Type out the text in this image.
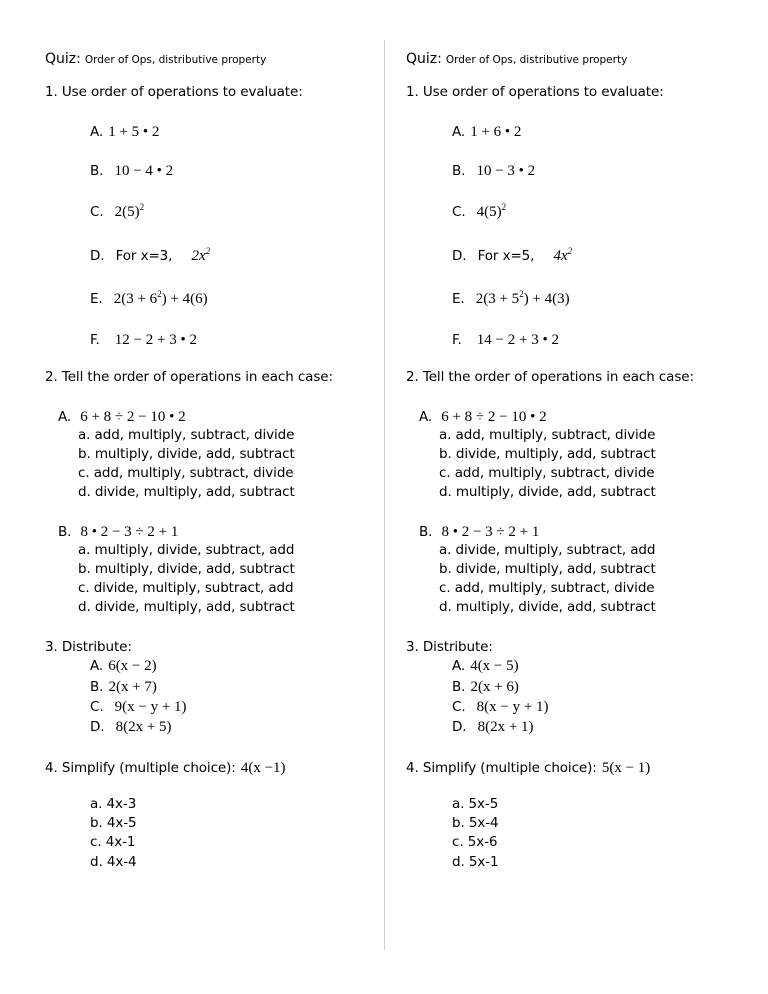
Quiz: Order of Ops, distributive property
1. Use order of operations to evaluate:
A. 1 + 5 • 2
B. 10 − 4 • 2
C. $2(5)^2$
D. For x=3, $2x^2$
E. $2(3 + 6^2) + 4(6)$
F. 12 − 2 + 3 • 2
2. Tell the order of operations in each case:
A. 6 + 8 ÷ 2 − 10 • 2
a. add, multiply, subtract, divide
b. multiply, divide, add, subtract
c. add, multiply, subtract, divide
d. divide, multiply, add, subtract
B. 8 • 2 − 3 ÷ 2 + 1
a. multiply, divide, subtract, add
b. multiply, divide, add, subtract
c. divide, multiply, subtract, add
d. divide, multiply, add, subtract
3. Distribute:
A. 6(x − 2)
B. 2(x + 7)
C. 9(x − y + 1)
D. 8(2x + 5)
4. Simplify (multiple choice): 4(x −1)
a. 4x-3
b. 4x-5
c. 4x-1
d. 4x-4
Quiz: Order of Ops, distributive property
1. Use order of operations to evaluate:
A. 1 + 6 • 2
B. 10 − 3 • 2
C. $4(5)^2$
D. For x=5, $4x^2$
E. $2(3 + 5^2) + 4(3)$
F. 14 − 2 + 3 • 2
2. Tell the order of operations in each case:
A. 6 + 8 ÷ 2 − 10 • 2
a. add, multiply, subtract, divide
b. divide, multiply, add, subtract
c. add, multiply, subtract, divide
d. multiply, divide, add, subtract
B. 8 • 2 − 3 ÷ 2 + 1
a. divide, multiply, subtract, add
b. divide, multiply, add, subtract
c. add, multiply, subtract, divide
d. multiply, divide, add, subtract
3. Distribute:
A. 4(x − 5)
B. 2(x + 6)
C. 8(x − y + 1)
D. 8(2x + 1)
4. Simplify (multiple choice): 5(x − 1)
a. 5x-5
b. 5x-4
c. 5x-6
d. 5x-1
